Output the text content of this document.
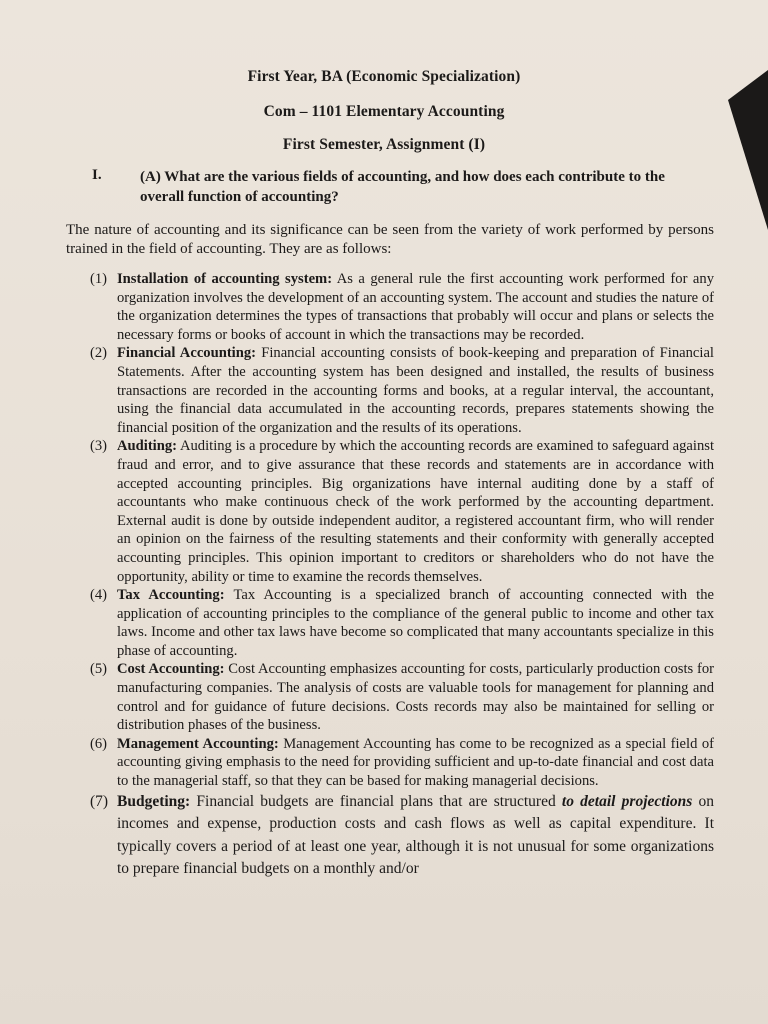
First Year, BA (Economic Specialization)
Com – 1101 Elementary Accounting
First Semester, Assignment (I)
I.	(A) What are the various fields of accounting, and how does each contribute to the overall function of accounting?
The nature of accounting and its significance can be seen from the variety of work performed by persons trained in the field of accounting. They are as follows:
(1) Installation of accounting system: As a general rule the first accounting work performed for any organization involves the development of an accounting system. The account and studies the nature of the organization determines the types of transactions that probably will occur and plans or selects the necessary forms or books of account in which the transactions may be recorded.
(2) Financial Accounting: Financial accounting consists of book-keeping and preparation of Financial Statements. After the accounting system has been designed and installed, the results of business transactions are recorded in the accounting forms and books, at a regular interval, the accountant, using the financial data accumulated in the accounting records, prepares statements showing the financial position of the organization and the results of its operations.
(3) Auditing: Auditing is a procedure by which the accounting records are examined to safeguard against fraud and error, and to give assurance that these records and statements are in accordance with accepted accounting principles. Big organizations have internal auditing done by a staff of accountants who make continuous check of the work performed by the accounting department. External audit is done by outside independent auditor, a registered accountant firm, who will render an opinion on the fairness of the resulting statements and their conformity with generally accepted accounting principles. This opinion important to creditors or shareholders who do not have the opportunity, ability or time to examine the records themselves.
(4) Tax Accounting: Tax Accounting is a specialized branch of accounting connected with the application of accounting principles to the compliance of the general public to income and other tax laws. Income and other tax laws have become so complicated that many accountants specialize in this phase of accounting.
(5) Cost Accounting: Cost Accounting emphasizes accounting for costs, particularly production costs for manufacturing companies. The analysis of costs are valuable tools for management for planning and control and for guidance of future decisions. Costs records may also be maintained for selling or distribution phases of the business.
(6) Management Accounting: Management Accounting has come to be recognized as a special field of accounting giving emphasis to the need for providing sufficient and up-to-date financial and cost data to the managerial staff, so that they can be based for making managerial decisions.
(7) Budgeting: Financial budgets are financial plans that are structured to detail projections on incomes and expense, production costs and cash flows as well as capital expenditure. It typically covers a period of at least one year, although it is not unusual for some organizations to prepare financial budgets on a monthly and/or
